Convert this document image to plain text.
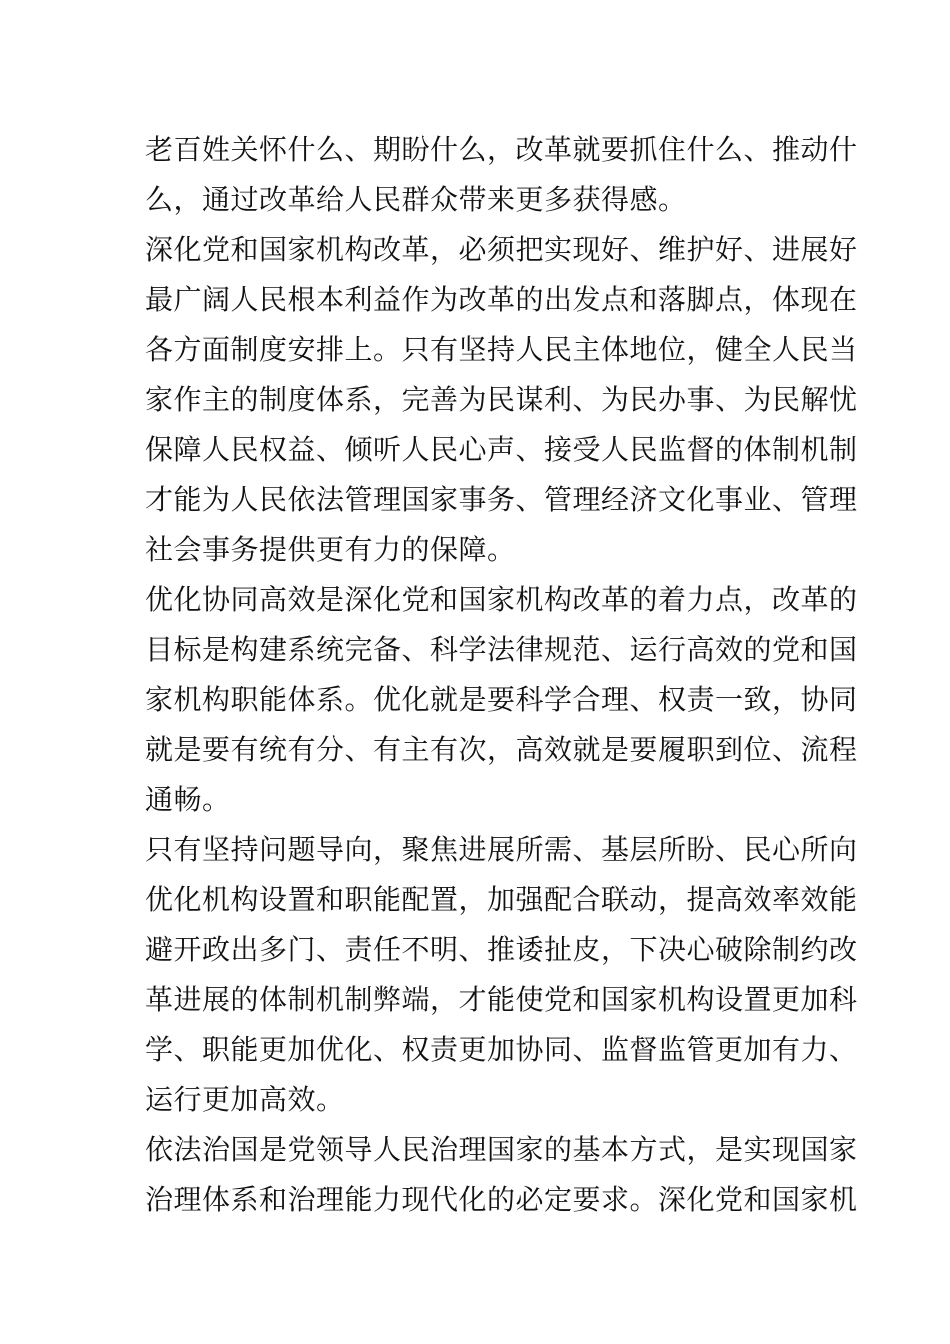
老百姓关怀什么、期盼什么，改革就要抓住什么、推动什
么，通过改革给人民群众带来更多获得感。
深化党和国家机构改革，必须把实现好、维护好、进展好
最广阔人民根本利益作为改革的出发点和落脚点，体现在
各方面制度安排上。只有坚持人民主体地位，健全人民当
家作主的制度体系，完善为民谋利、为民办事、为民解忧
保障人民权益、倾听人民心声、接受人民监督的体制机制
才能为人民依法管理国家事务、管理经济文化事业、管理
社会事务提供更有力的保障。
优化协同高效是深化党和国家机构改革的着力点，改革的
目标是构建系统完备、科学法律规范、运行高效的党和国
家机构职能体系。优化就是要科学合理、权责一致，协同
就是要有统有分、有主有次，高效就是要履职到位、流程
通畅。
只有坚持问题导向，聚焦进展所需、基层所盼、民心所向
优化机构设置和职能配置，加强配合联动，提高效率效能
避开政出多门、责任不明、推诿扯皮，下决心破除制约改
革进展的体制机制弊端，才能使党和国家机构设置更加科
学、职能更加优化、权责更加协同、监督监管更加有力、
运行更加高效。
依法治国是党领导人民治理国家的基本方式，是实现国家
治理体系和治理能力现代化的必定要求。深化党和国家机
